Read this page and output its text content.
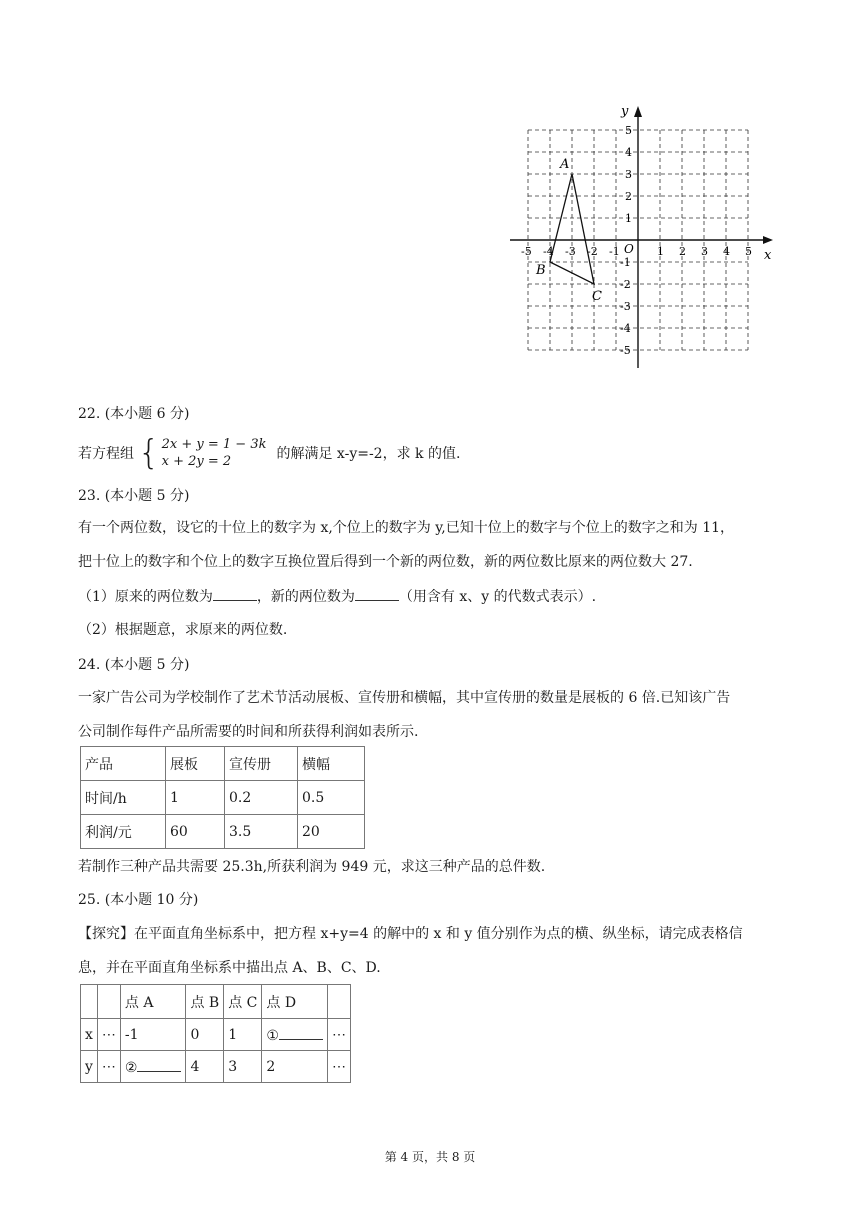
x
y
O
-5 -4 -3 -2 -1	1 2 3 4 5
5
4
3
2
1
-1
-2
-3
-4
-5
A
B
C
22. (本小题 6 分)
若方程组 { 2x + y = 1 − 3k
x + 2y = 2	的解满足 x-y=-2，求 k 的值.
23. (本小题 5 分)
有一个两位数，设它的十位上的数字为 x,个位上的数字为 y,已知十位上的数字与个位上的数字之和为 11，
把十位上的数字和个位上的数字互换位置后得到一个新的两位数，新的两位数比原来的两位数大 27.
（1）原来的两位数为	，新的两位数为	（用含有 x、y 的代数式表示）.
（2）根据题意，求原来的两位数.
24. (本小题 5 分)
一家广告公司为学校制作了艺术节活动展板、宣传册和横幅，其中宣传册的数量是展板的 6 倍.已知该广告
公司制作每件产品所需要的时间和所获得利润如表所示.
产品	展板	宣传册	横幅
时间/h	1	0.2	0.5
利润/元	60	3.5	20
若制作三种产品共需要 25.3h,所获利润为 949 元，求这三种产品的总件数.
25. (本小题 10 分)
【探究】在平面直角坐标系中，把方程 x+y=4 的解中的 x 和 y 值分别作为点的横、纵坐标，请完成表格信
息，并在平面直角坐标系中描出点 A、B、C、D.
		点 A	点 B	点 C	点 D	
x	⋯	-1	0	1	①	⋯
y	⋯	②	4	3	2	⋯
第 4 页，共 8 页
